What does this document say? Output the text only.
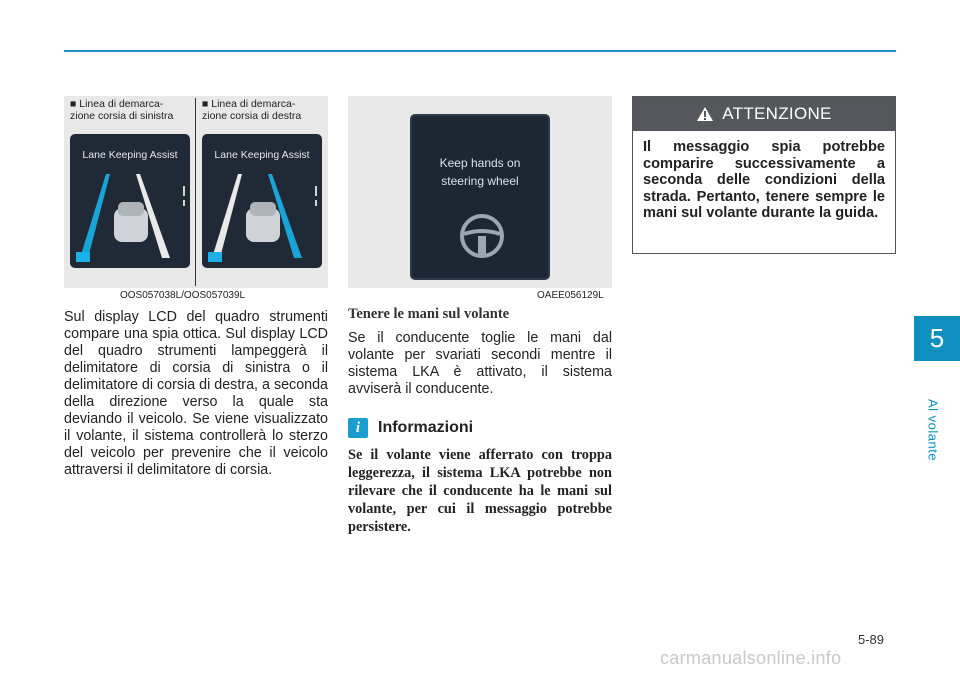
5
Al volante
■ Linea di demarca-
zione corsia di sinistra
■ Linea di demarca-
zione corsia di destra
Lane Keeping Assist	Lane Keeping Assist
OOS057038L/OOS057039L
Keep hands on
steering wheel
OAEE056129L
Sul display LCD del quadro strumenti compare una spia ottica. Sul display LCD del quadro strumenti lampeggerà il delimitatore di corsia di sinistra o il delimitatore di corsia di destra, a seconda della direzione verso la quale sta deviando il veicolo. Se viene visualizzato il volante, il sistema controllerà lo sterzo del veicolo per prevenire che il veicolo attraversi il delimitatore di corsia.
Tenere le mani sul volante
Se il conducente toglie le mani dal volante per svariati secondi mentre il sistema LKA è attivato, il sistema avviserà il conducente.
i	Informazioni
Se il volante viene afferrato con troppa leggerezza, il sistema LKA potrebbe non rilevare che il conducente ha le mani sul volante, per cui il messaggio potrebbe persistere.
ATTENZIONE
Il messaggio spia potrebbe comparire successivamente a seconda delle condizioni della strada. Pertanto, tenere sempre le mani sul volante durante la guida.
5-89
carmanualsonline.info
